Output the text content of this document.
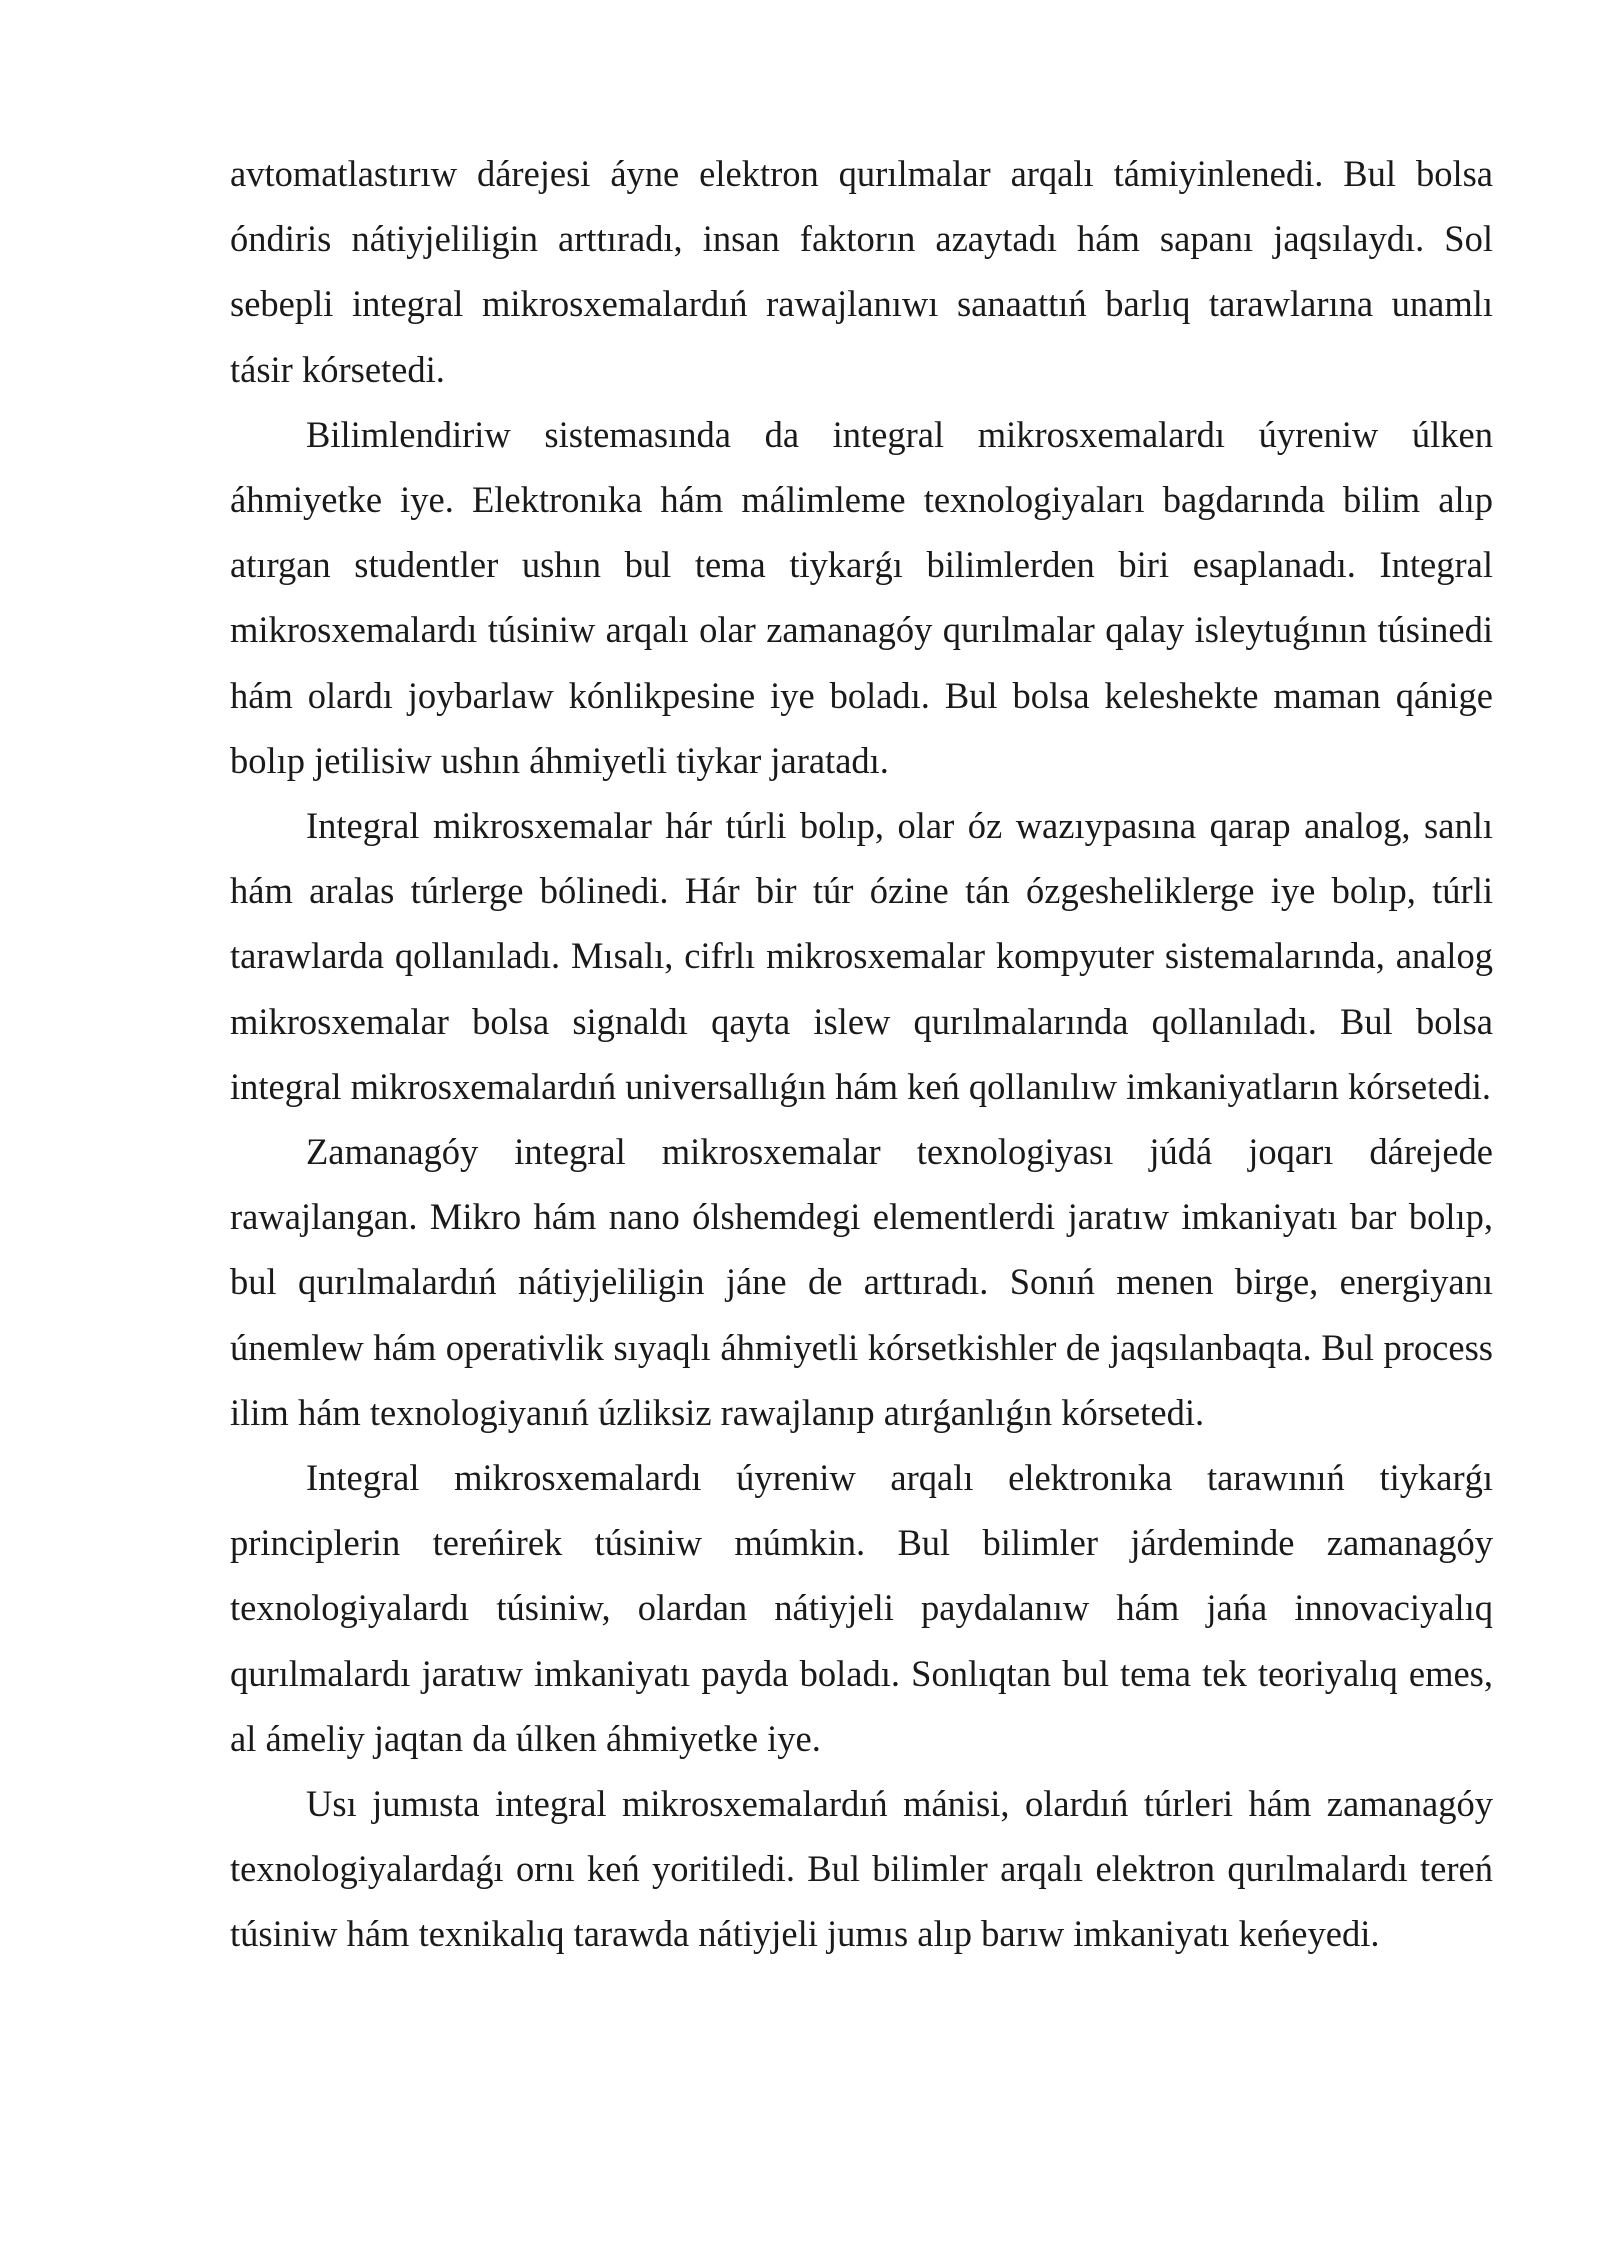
avtomatlastırıw dárejesi áyne elektron qurılmalar arqalı támiyinlenedi. Bul bolsa óndiris nátiyjeliligin arttıradı, insan faktorın azaytadı hám sapanı jaqsılaydı. Sol sebepli integral mikrosxemalardıń rawajlanıwı sanaattıń barlıq tarawlarına unamlı tásir kórsetedi.

Bilimlendiriw sistemasında da integral mikrosxemalardı úyreniw úlken áhmiyetke iye. Elektronıka hám málimleme texnologiyaları bagdarında bilim alıp atırgan studentler ushın bul tema tiykarǵı bilimlerden biri esaplanadı. Integral mikrosxemalardı túsiniw arqalı olar zamanagóy qurılmalar qalay isleytuǵının túsinedi hám olardı joybarlaw kónlikpesine iye boladı. Bul bolsa keleshekte maman qánige bolıp jetilisiw ushın áhmiyetli tiykar jaratadı.

Integral mikrosxemalar hár túrli bolıp, olar óz wazıypasına qarap analog, sanlı hám aralas túrlerge bólinedi. Hár bir túr ózine tán ózgesheliklerge iye bolıp, túrli tarawlarda qollanıladı. Mısalı, cifrlı mikrosxemalar kompyuter sistemalarında, analog mikrosxemalar bolsa signaldı qayta islew qurılmalarında qollanıladı. Bul bolsa integral mikrosxemalardıń universallıǵın hám keń qollanılıw imkaniyatların kórsetedi.

Zamanagóy integral mikrosxemalar texnologiyası júdá joqarı dárejede rawajlangan. Mikro hám nano ólshemdegi elementlerdi jaratıw imkaniyatı bar bolıp, bul qurılmalardıń nátiyjeliligin jáne de arttıradı. Sonıń menen birge, energiyanı únemlew hám operativlik sıyaqlı áhmiyetli kórsetkishler de jaqsılanbaqta. Bul process ilim hám texnologiyanıń úzliksiz rawajlanıp atırǵanlıǵın kórsetedi.

Integral mikrosxemalardı úyreniw arqalı elektronıka tarawınıń tiykarǵı principlerin tereńirek túsiniw múmkin. Bul bilimler járdeminde zamanagóy texnologiyalardı túsiniw, olardan nátiyjeli paydalanıw hám jańa innovaciyalıq qurılmalardı jaratıw imkaniyatı payda boladı. Sonlıqtan bul tema tek teoriyalıq emes, al ámeliy jaqtan da úlken áhmiyetke iye.

Usı jumısta integral mikrosxemalardıń mánisi, olardıń túrleri hám zamanagóy texnologiyalardaǵı ornı keń yoritiledi. Bul bilimler arqalı elektron qurılmalardı tereń túsiniw hám texnikalıq tarawda nátiyjeli jumıs alıp barıw imkaniyatı keńeyedi.
